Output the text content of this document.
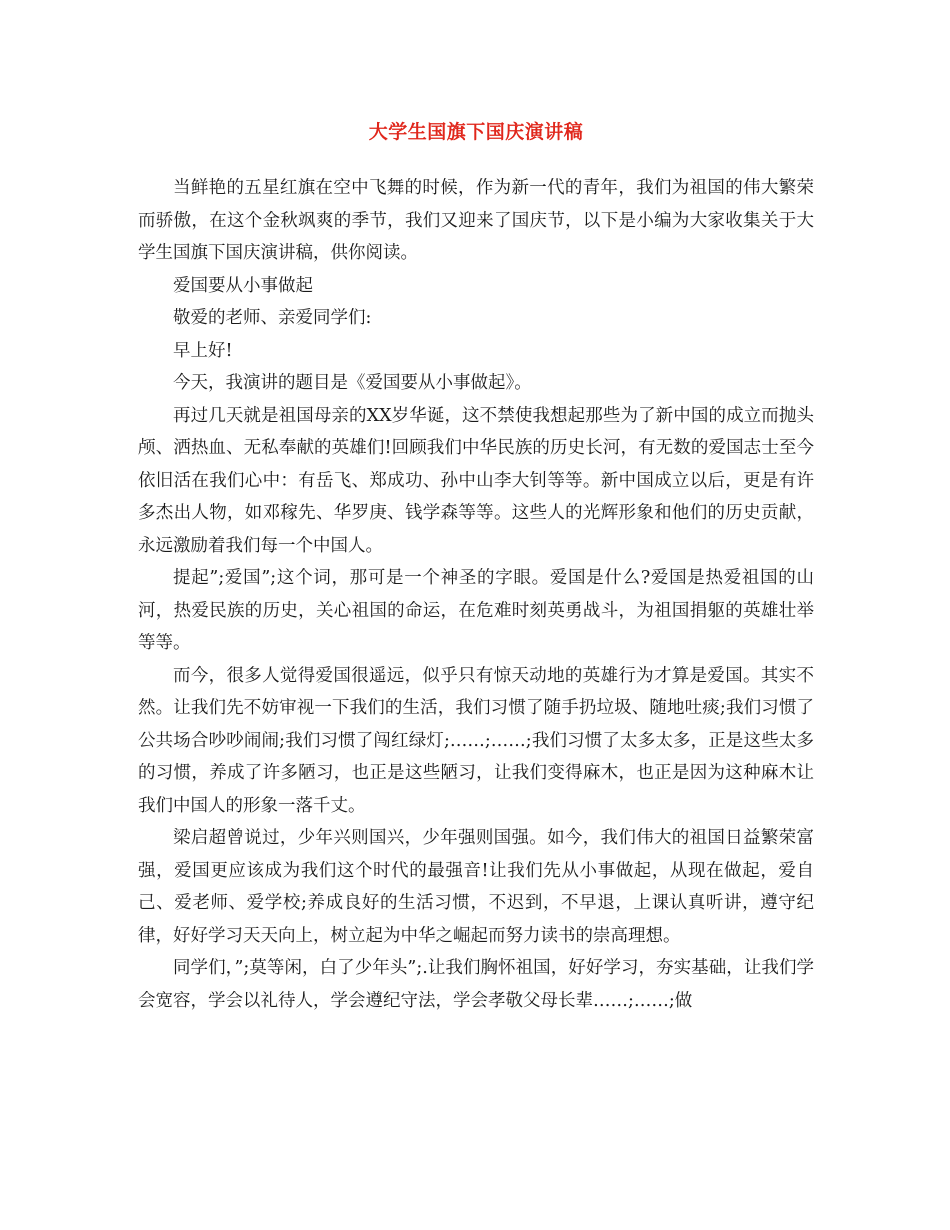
大学生国旗下国庆演讲稿

当鲜艳的五星红旗在空中飞舞的时候，作为新一代的青年，我们为祖国的伟大繁荣而骄傲，在这个金秋飒爽的季节，我们又迎来了国庆节，以下是小编为大家收集关于大学生国旗下国庆演讲稿，供你阅读。

爱国要从小事做起

敬爱的老师、亲爱同学们:

早上好!

今天，我演讲的题目是《爱国要从小事做起》。

再过几天就是祖国母亲的XX岁华诞，这不禁使我想起那些为了新中国的成立而抛头颅、洒热血、无私奉献的英雄们!回顾我们中华民族的历史长河，有无数的爱国志士至今依旧活在我们心中：有岳飞、郑成功、孙中山李大钊等等。新中国成立以后，更是有许多杰出人物，如邓稼先、华罗庚、钱学森等等。这些人的光辉形象和他们的历史贡献，永远激励着我们每一个中国人。

提起”;爱国”;这个词，那可是一个神圣的字眼。爱国是什么?爱国是热爱祖国的山河，热爱民族的历史，关心祖国的命运，在危难时刻英勇战斗，为祖国捐躯的英雄壮举等等。

而今，很多人觉得爱国很遥远，似乎只有惊天动地的英雄行为才算是爱国。其实不然。让我们先不妨审视一下我们的生活，我们习惯了随手扔垃圾、随地吐痰;我们习惯了公共场合吵吵闹闹;我们习惯了闯红绿灯;……;……;我们习惯了太多太多，正是这些太多的习惯，养成了许多陋习，也正是这些陋习，让我们变得麻木，也正是因为这种麻木让我们中国人的形象一落千丈。

梁启超曾说过，少年兴则国兴，少年强则国强。如今，我们伟大的祖国日益繁荣富强，爱国更应该成为我们这个时代的最强音!让我们先从小事做起，从现在做起，爱自己、爱老师、爱学校;养成良好的生活习惯，不迟到，不早退，上课认真听讲，遵守纪律，好好学习天天向上，树立起为中华之崛起而努力读书的崇高理想。

同学们，”;莫等闲，白了少年头”;.让我们胸怀祖国，好好学习，夯实基础，让我们学会宽容，学会以礼待人，学会遵纪守法，学会孝敬父母长辈……;……;做
